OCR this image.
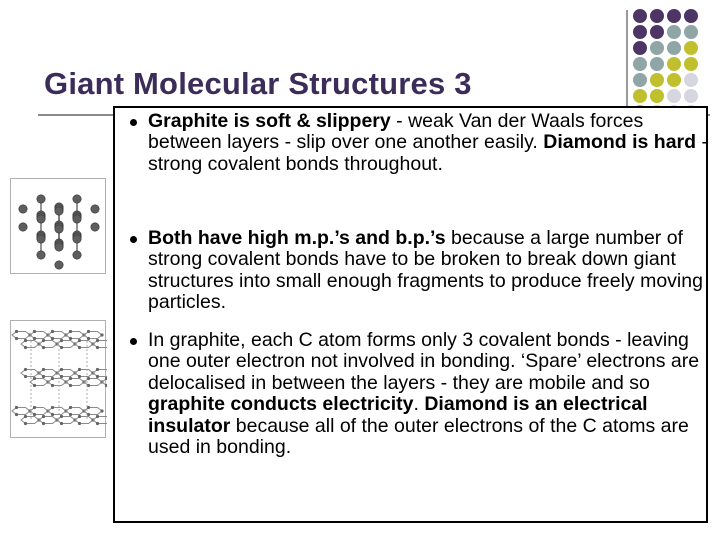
Giant Molecular Structures 3
Graphite is soft & slippery - weak Van der Waals forces between layers - slip over one another easily. Diamond is hard - strong covalent bonds throughout.
Both have high m.p.’s and b.p.’s because a large number of strong covalent bonds have to be broken to break down giant structures into small enough fragments to produce freely moving particles.
In graphite, each C atom forms only 3 covalent bonds - leaving one outer electron not involved in bonding. ‘Spare’ electrons are delocalised in between the layers - they are mobile and so graphite conducts electricity. Diamond is an electrical insulator because all of the outer electrons of the C atoms are used in bonding.
